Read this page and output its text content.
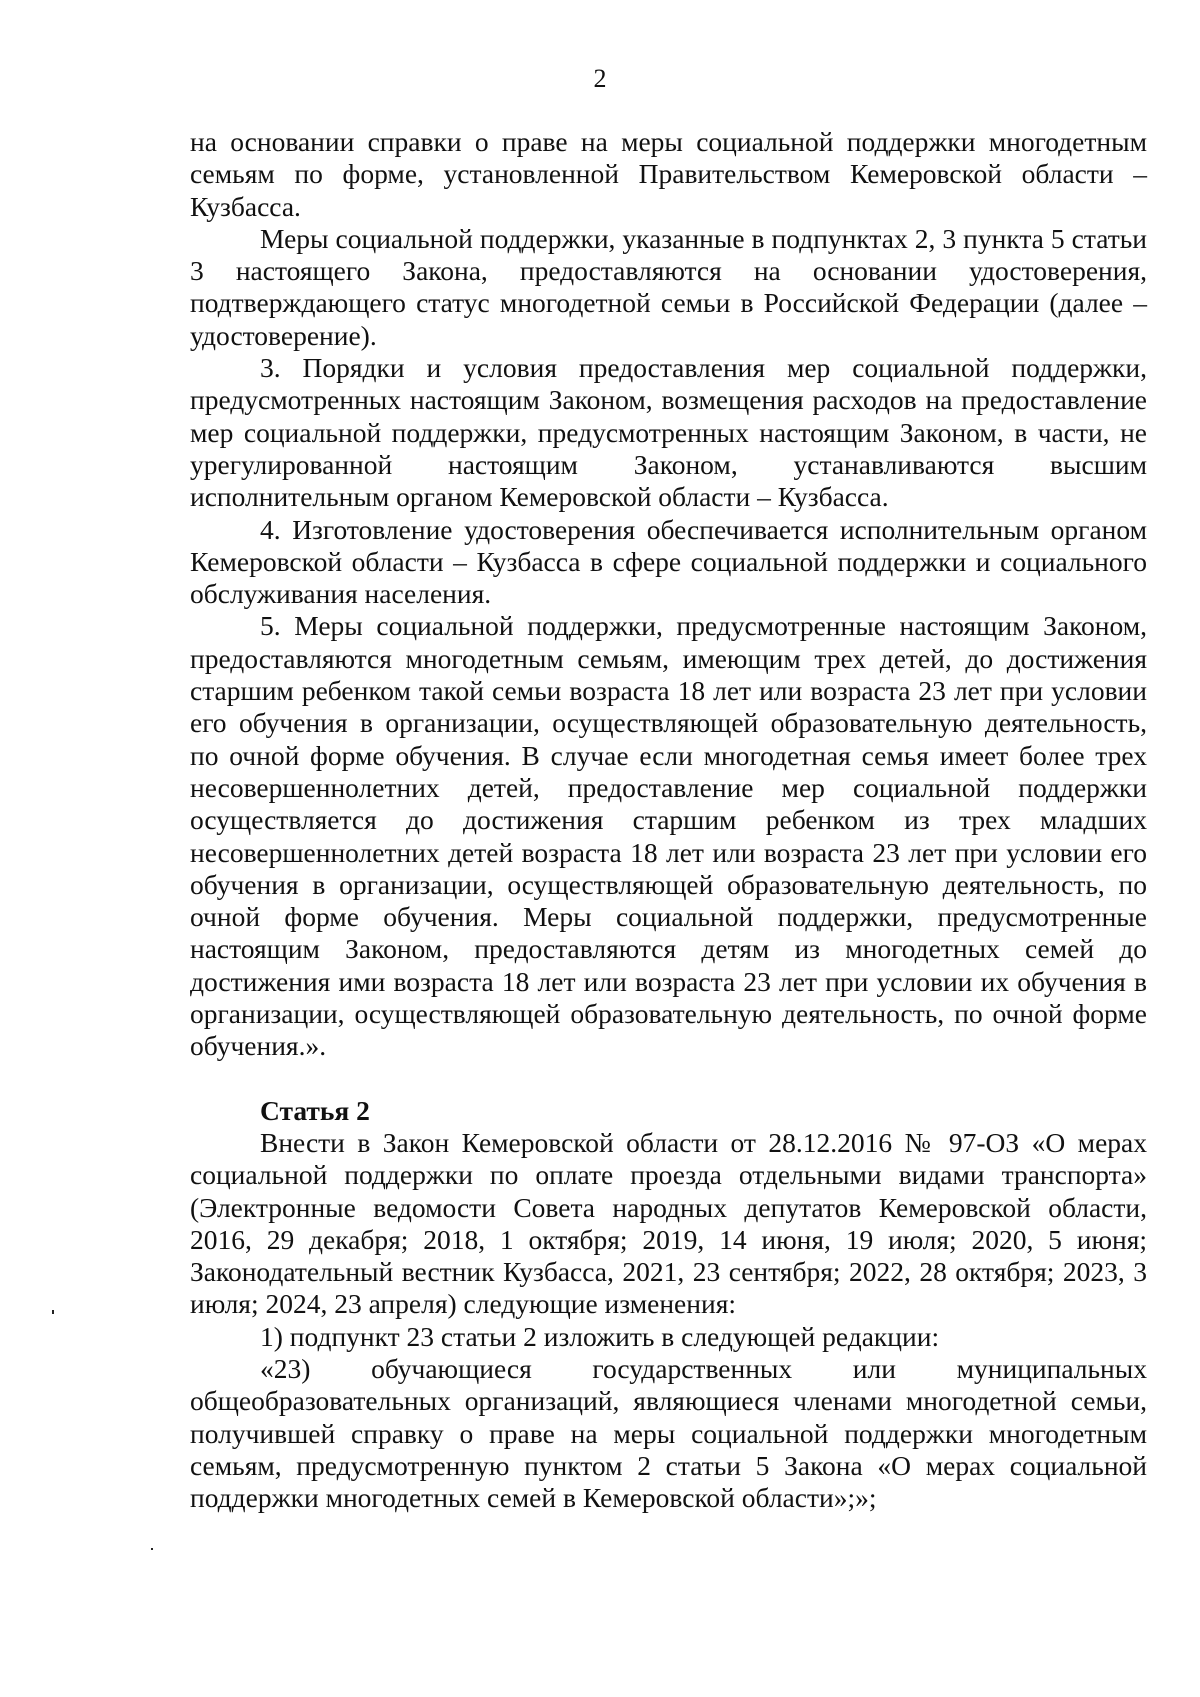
2

на основании справки о праве на меры социальной поддержки многодетным семьям по форме, установленной Правительством Кемеровской области – Кузбасса.

Меры социальной поддержки, указанные в подпунктах 2, 3 пункта 5 статьи 3 настоящего Закона, предоставляются на основании удостоверения, подтверждающего статус многодетной семьи в Российской Федерации (далее – удостоверение).

3. Порядки и условия предоставления мер социальной поддержки, предусмотренных настоящим Законом, возмещения расходов на предоставление мер социальной поддержки, предусмотренных настоящим Законом, в части, не урегулированной настоящим Законом, устанавливаются высшим исполнительным органом Кемеровской области – Кузбасса.

4. Изготовление удостоверения обеспечивается исполнительным органом Кемеровской области – Кузбасса в сфере социальной поддержки и социального обслуживания населения.

5. Меры социальной поддержки, предусмотренные настоящим Законом, предоставляются многодетным семьям, имеющим трех детей, до достижения старшим ребенком такой семьи возраста 18 лет или возраста 23 лет при условии его обучения в организации, осуществляющей образовательную деятельность, по очной форме обучения. В случае если многодетная семья имеет более трех несовершеннолетних детей, предоставление мер социальной поддержки осуществляется до достижения старшим ребенком из трех младших несовершеннолетних детей возраста 18 лет или возраста 23 лет при условии его обучения в организации, осуществляющей образовательную деятельность, по очной форме обучения. Меры социальной поддержки, предусмотренные настоящим Законом, предоставляются детям из многодетных семей до достижения ими возраста 18 лет или возраста 23 лет при условии их обучения в организации, осуществляющей образовательную деятельность, по очной форме обучения.».

Статья 2

Внести в Закон Кемеровской области от 28.12.2016 № 97-ОЗ «О мерах социальной поддержки по оплате проезда отдельными видами транспорта» (Электронные ведомости Совета народных депутатов Кемеровской области, 2016, 29 декабря; 2018, 1 октября; 2019, 14 июня, 19 июля; 2020, 5 июня; Законодательный вестник Кузбасса, 2021, 23 сентября; 2022, 28 октября; 2023, 3 июля; 2024, 23 апреля) следующие изменения:

1) подпункт 23 статьи 2 изложить в следующей редакции:

«23) обучающиеся государственных или муниципальных общеобразовательных организаций, являющиеся членами многодетной семьи, получившей справку о праве на меры социальной поддержки многодетным семьям, предусмотренную пунктом 2 статьи 5 Закона «О мерах социальной поддержки многодетных семей в Кемеровской области»;»;
